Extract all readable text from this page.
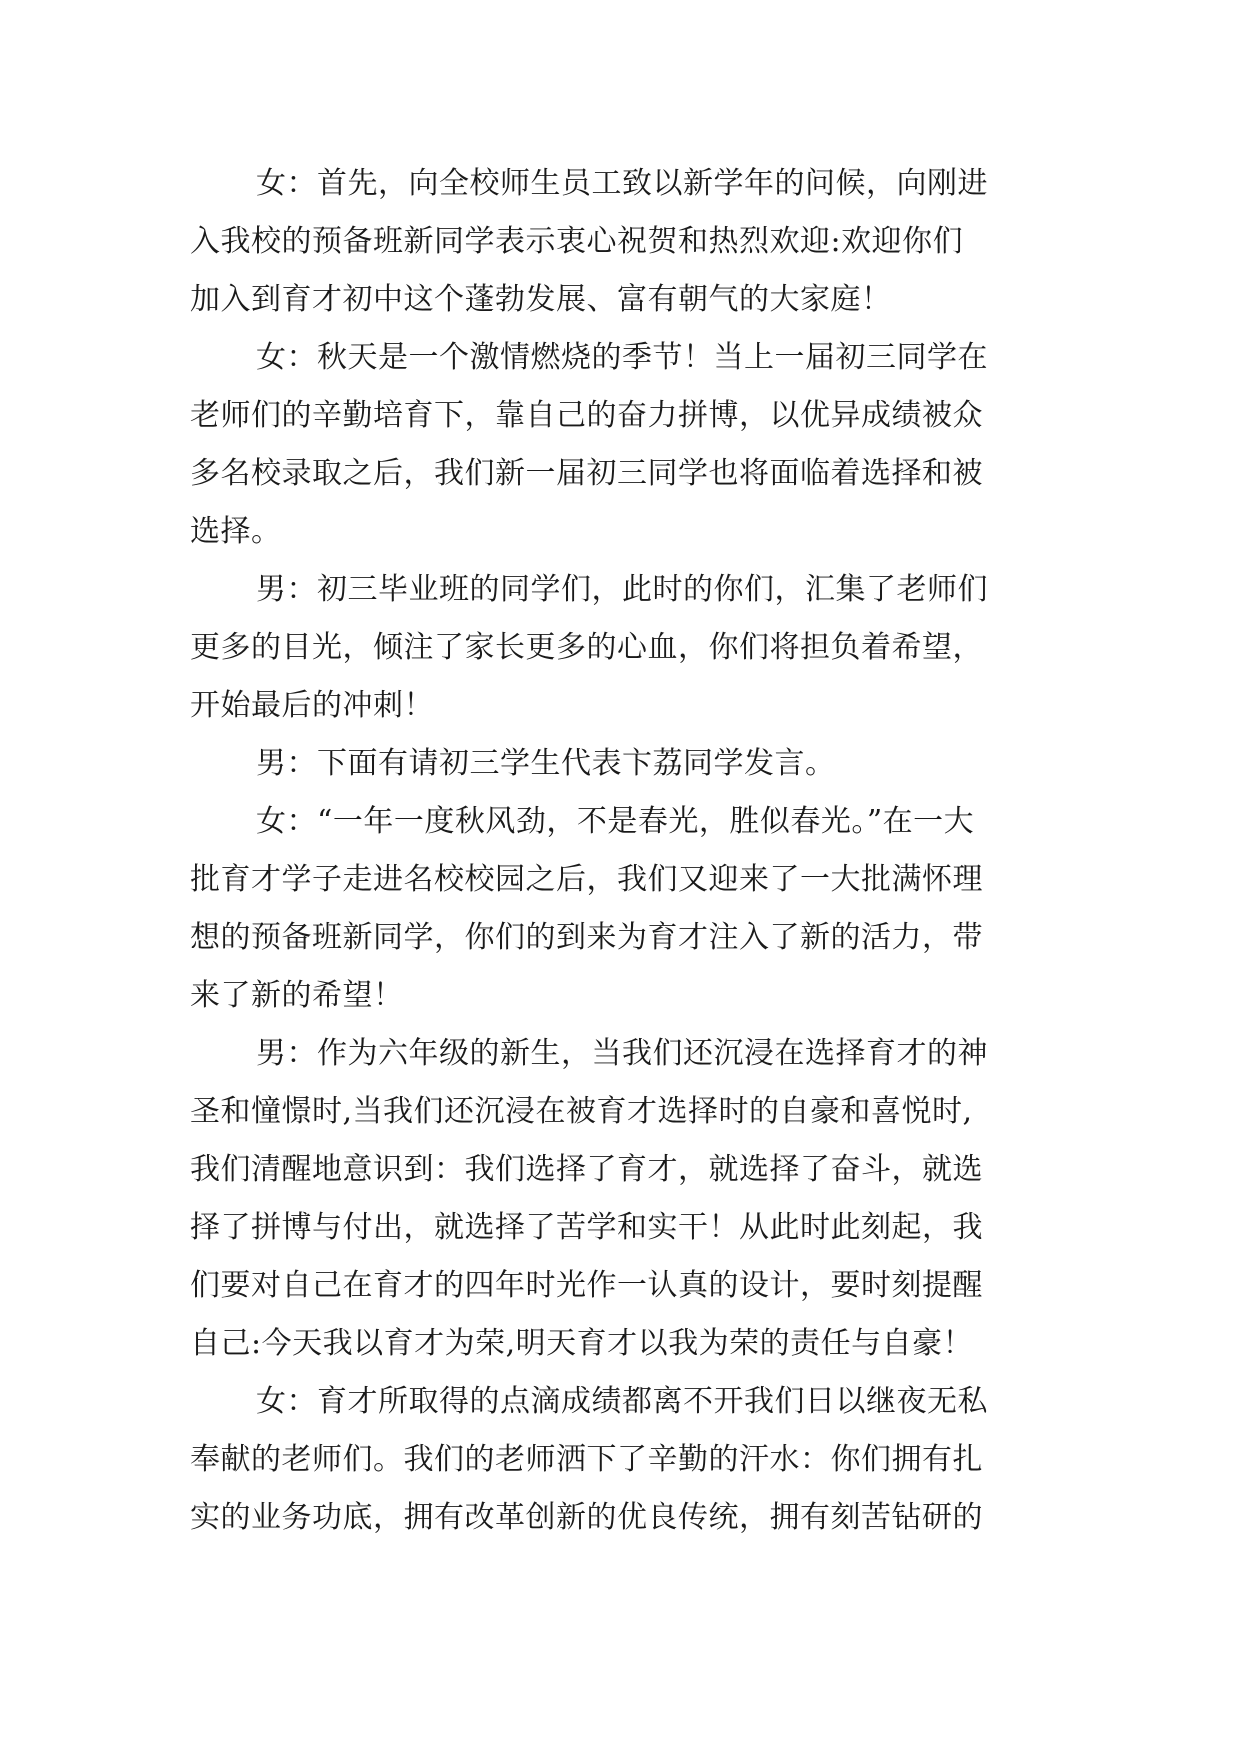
女：首先，向全校师生员工致以新学年的问候，向刚进
入我校的预备班新同学表示衷心祝贺和热烈欢迎:欢迎你们
加入到育才初中这个蓬勃发展、富有朝气的大家庭！
女：秋天是一个激情燃烧的季节！当上一届初三同学在
老师们的辛勤培育下，靠自己的奋力拼博，以优异成绩被众
多名校录取之后，我们新一届初三同学也将面临着选择和被
选择。
男：初三毕业班的同学们，此时的你们，汇集了老师们
更多的目光，倾注了家长更多的心血，你们将担负着希望，
开始最后的冲刺！
男：下面有请初三学生代表卞荔同学发言。
女：“一年一度秋风劲，不是春光，胜似春光。”在一大
批育才学子走进名校校园之后，我们又迎来了一大批满怀理
想的预备班新同学，你们的到来为育才注入了新的活力，带
来了新的希望！
男：作为六年级的新生，当我们还沉浸在选择育才的神
圣和憧憬时,当我们还沉浸在被育才选择时的自豪和喜悦时,
我们清醒地意识到：我们选择了育才，就选择了奋斗，就选
择了拼博与付出，就选择了苦学和实干！从此时此刻起，我
们要对自己在育才的四年时光作一认真的设计，要时刻提醒
自己:今天我以育才为荣,明天育才以我为荣的责任与自豪！
女：育才所取得的点滴成绩都离不开我们日以继夜无私
奉献的老师们。我们的老师洒下了辛勤的汗水：你们拥有扎
实的业务功底，拥有改革创新的优良传统，拥有刻苦钻研的
